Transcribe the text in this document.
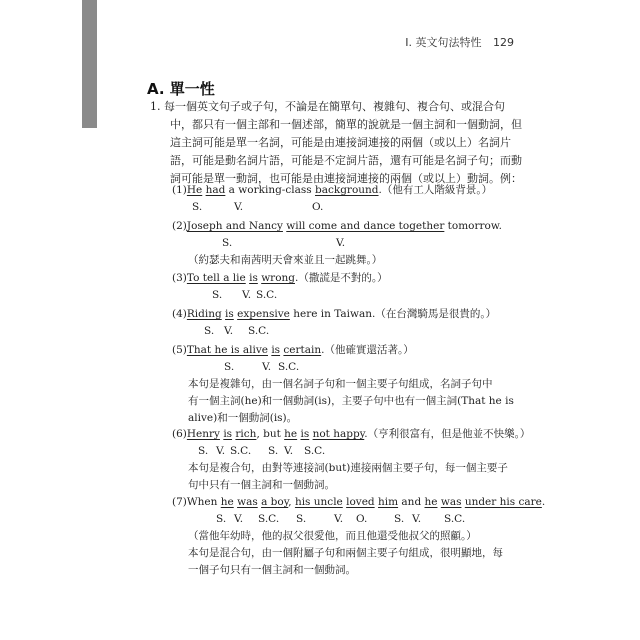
I. 英文句法特性 129
A. 單一性
1. 每一個英文句子或子句，不論是在簡單句、複雜句、複合句、或混合句
中，都只有一個主部和一個述部，簡單的說就是一個主詞和一個動詞，但
這主詞可能是單一名詞，可能是由連接詞連接的兩個（或以上）名詞片
語，可能是動名詞片語，可能是不定詞片語，還有可能是名詞子句；而動
詞可能是單一動詞，也可能是由連接詞連接的兩個（或以上）動詞。例：
(1)He had a working-class background.（他有工人階級背景。）
S.	V.	O.
(2)Joseph and Nancy will come and dance together tomorrow.
S.	V.
（約瑟夫和南茜明天會來並且一起跳舞。）
(3)To tell a lie is wrong.（撒謊是不對的。）
S. V. S.C.
(4)Riding is expensive here in Taiwan.（在台灣騎馬是很貴的。）
S. V. S.C.
(5)That he is alive is certain.（他確實還活著。）
S.	V. S.C.
本句是複雜句，由一個名詞子句和一個主要子句組成，名詞子句中
有一個主詞(he)和一個動詞(is)，主要子句中也有一個主詞(That he is
alive)和一個動詞(is)。
(6)Henry is rich, but he is not happy.（亨利很富有，但是他並不快樂。）
S. V. S.C. S. V. S.C.
本句是複合句，由對等連接詞(but)連接兩個主要子句，每一個主要子
句中只有一個主詞和一個動詞。
(7)When he was a boy, his uncle loved him and he was under his care.
S. V. S.C. S.	V. O.	S. V. S.C.
（當他年幼時，他的叔父很愛他，而且他還受他叔父的照顧。）
本句是混合句，由一個附屬子句和兩個主要子句組成，很明顯地，每
一個子句只有一個主詞和一個動詞。
